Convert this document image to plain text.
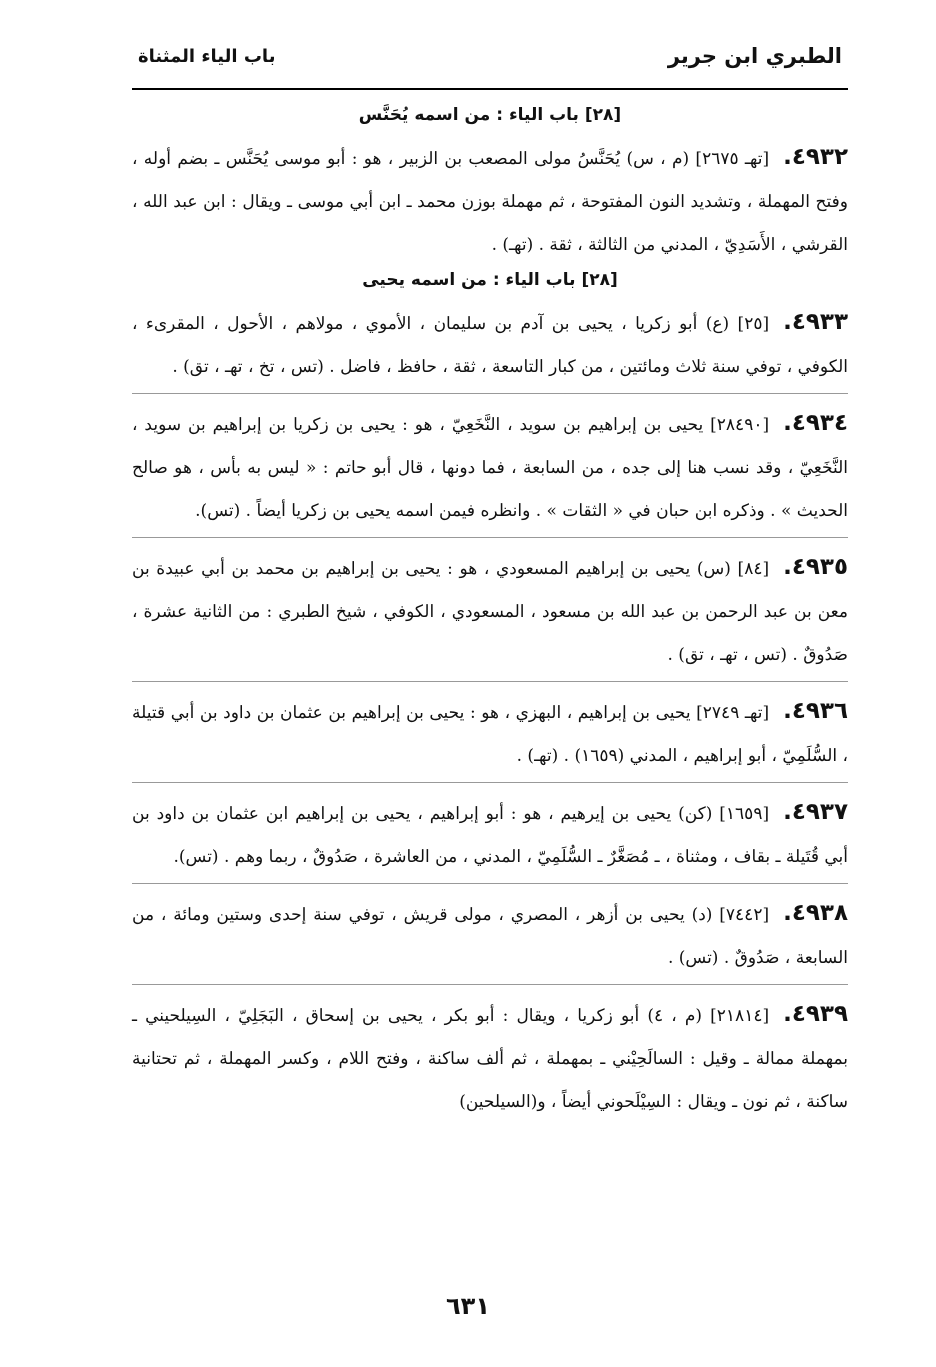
الطبري ابن جرير
باب الياء المثناة
[٢٨] باب الياء : من اسمه يُحَنَّس

٤٩٣٢.[تهـ ٢٦٧٥] (م ، س) يُحَنَّسُ مولى المصعب بن الزبير ، هو : أبو موسى يُحَنَّس ـ بضم أوله ، وفتح المهملة ، وتشديد النون المفتوحة ، ثم مهملة بوزن محمد ـ ابن أبي موسى ـ ويقال : ابن عبد الله ، القرشي ، الأَسَدِيّ ، المدني من الثالثة ، ثقة . (تهـ) .

[٢٨] باب الياء : من اسمه يحيى

٤٩٣٣.[٢٥] (ع) أبو زكريا ، يحيى بن آدم بن سليمان ، الأموي ، مولاهم ، الأحول ، المقرىء ، الكوفي ، توفي سنة ثلاث ومائتين ، من كبار التاسعة ، ثقة ، حافظ ، فاضل . (تس ، تخ ، تهـ ، تق) .

٤٩٣٤.[٢٨٤٩٠] يحيى بن إبراهيم بن سويد ، النَّخَعِيّ ، هو : يحيى بن زكريا بن إبراهيم بن سويد ، النَّخَعِيّ ، وقد نسب هنا إلى جده ، من السابعة ، فما دونها ، قال أبو حاتم : « ليس به بأس ، هو صالح الحديث » . وذكره ابن حبان في « الثقات » . وانظره فيمن اسمه يحيى بن زكريا أيضاً . (تس).

٤٩٣٥.[٨٤] (س) يحيى بن إبراهيم المسعودي ، هو : يحيى بن إبراهيم بن محمد بن أبي عبيدة بن معن بن عبد الرحمن بن عبد الله بن مسعود ، المسعودي ، الكوفي ، شيخ الطبري : من الثانية عشرة ، صَدُوقٌ . (تس ، تهـ ، تق) .

٤٩٣٦.[تهـ ٢٧٤٩] يحيى بن إبراهيم ، البهزي ، هو : يحيى بن إبراهيم بن عثمان بن داود بن أبي قتيلة ، السُّلَمِيّ ، أبو إبراهيم ، المدني (١٦٥٩) . (تهـ) .

٤٩٣٧.[١٦٥٩] (كن) يحيى بن إيرهيم ، هو : أبو إبراهيم ، يحيى بن إبراهيم ابن عثمان بن داود بن أبي قُتَيلة ـ بقاف ، ومثناة ، ـ مُصَغَّرٌ ـ السُّلَمِيّ ، المدني ، من العاشرة ، صَدُوقٌ ، ربما وهم . (تس).

٤٩٣٨.[٧٤٤٢] (د) يحيى بن أزهر ، المصري ، مولى قريش ، توفي سنة إحدى وستين ومائة ، من السابعة ، صَدُوقٌ . (تس) .

٤٩٣٩.[٢١٨١٤] (م ، ٤) أبو زكريا ، ويقال : أبو بكر ، يحيى بن إسحاق ، البَجَلِيّ ، السِيلحيني ـ بمهملة ممالة ـ وقيل : السالَحِيْني ـ بمهملة ، ثم ألف ساكنة ، وفتح اللام ، وكسر المهملة ، ثم تحتانية ساكنة ، ثم نون ـ ويقال : السِيْلَحوني أيضاً ، و(السيلحين)

٦٣١
